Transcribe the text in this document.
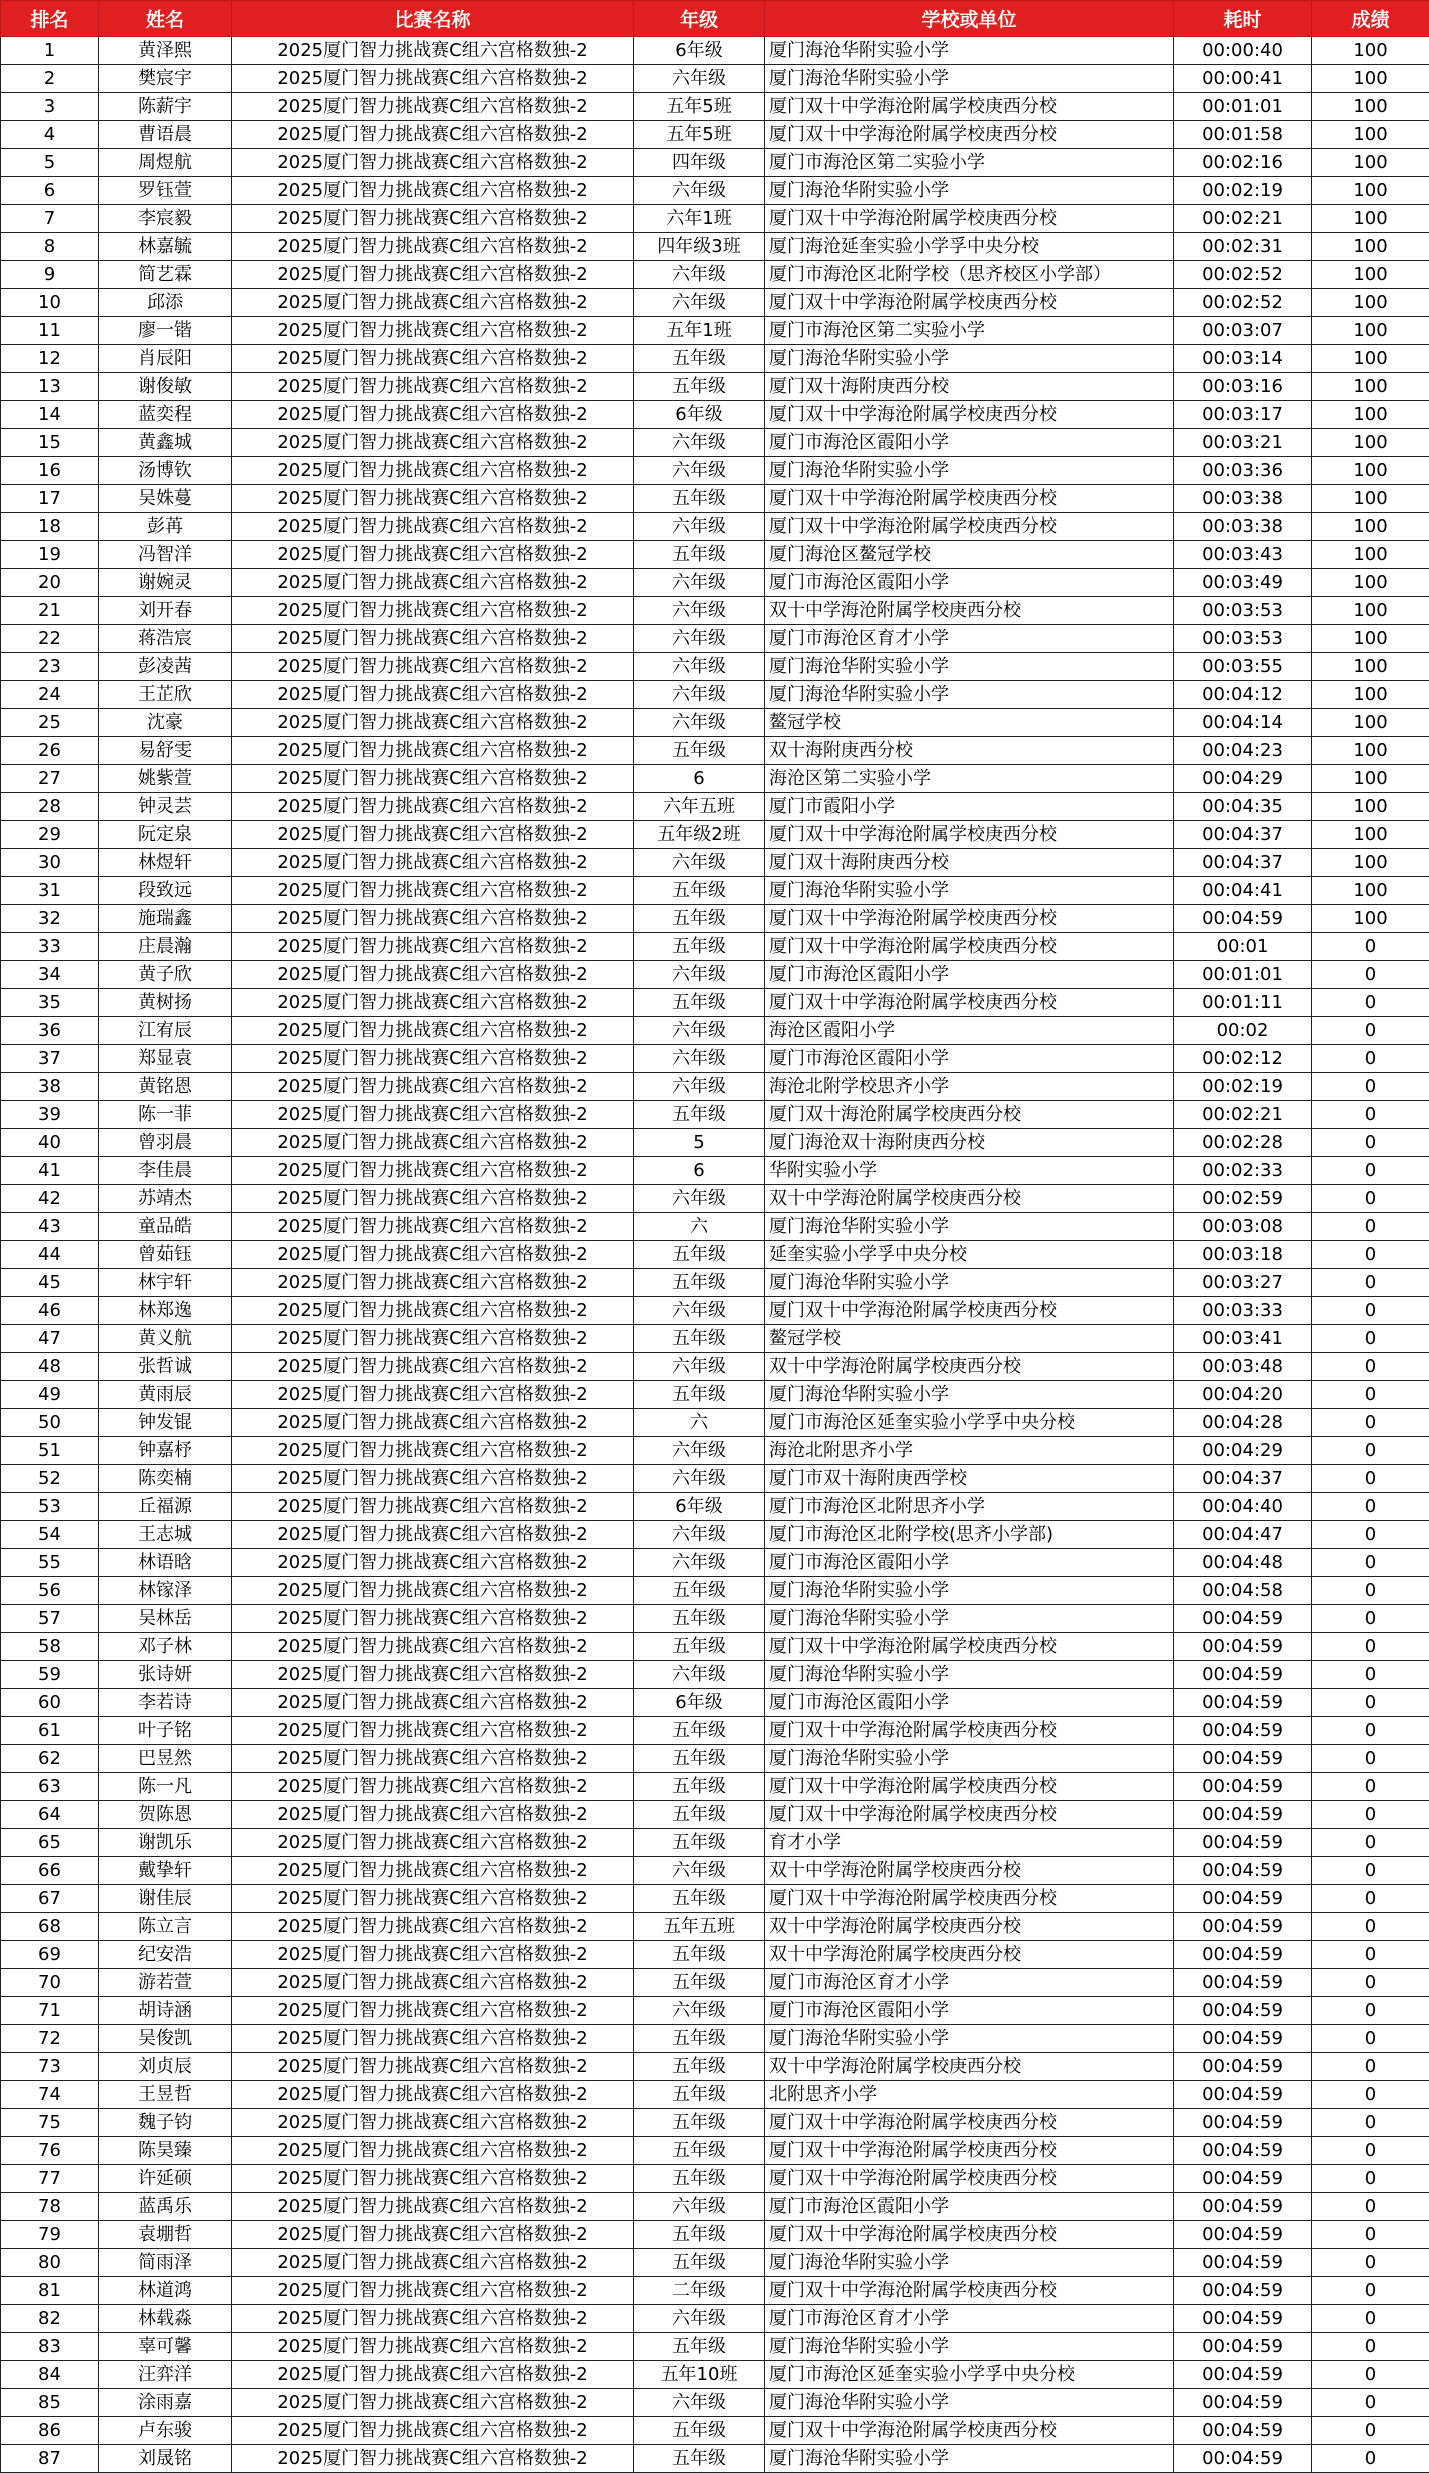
排名	姓名	比赛名称	年级	学校或单位	耗时	成绩
1	黄泽熙	2025厦门智力挑战赛C组六宫格数独-2	6年级	厦门海沧华附实验小学	00:00:40	100
2	樊宸宇	2025厦门智力挑战赛C组六宫格数独-2	六年级	厦门海沧华附实验小学	00:00:41	100
3	陈薪宇	2025厦门智力挑战赛C组六宫格数独-2	五年5班	厦门双十中学海沧附属学校庚西分校	00:01:01	100
4	曹语晨	2025厦门智力挑战赛C组六宫格数独-2	五年5班	厦门双十中学海沧附属学校庚西分校	00:01:58	100
5	周煜航	2025厦门智力挑战赛C组六宫格数独-2	四年级	厦门市海沧区第二实验小学	00:02:16	100
6	罗钰萱	2025厦门智力挑战赛C组六宫格数独-2	六年级	厦门海沧华附实验小学	00:02:19	100
7	李宸毅	2025厦门智力挑战赛C组六宫格数独-2	六年1班	厦门双十中学海沧附属学校庚西分校	00:02:21	100
8	林嘉毓	2025厦门智力挑战赛C组六宫格数独-2	四年级3班	厦门海沧延奎实验小学孚中央分校	00:02:31	100
9	简艺霖	2025厦门智力挑战赛C组六宫格数独-2	六年级	厦门市海沧区北附学校（思齐校区小学部）	00:02:52	100
10	邱添	2025厦门智力挑战赛C组六宫格数独-2	六年级	厦门双十中学海沧附属学校庚西分校	00:02:52	100
11	廖一锴	2025厦门智力挑战赛C组六宫格数独-2	五年1班	厦门市海沧区第二实验小学	00:03:07	100
12	肖辰阳	2025厦门智力挑战赛C组六宫格数独-2	五年级	厦门海沧华附实验小学	00:03:14	100
13	谢俊敏	2025厦门智力挑战赛C组六宫格数独-2	五年级	厦门双十海附庚西分校	00:03:16	100
14	蓝奕程	2025厦门智力挑战赛C组六宫格数独-2	6年级	厦门双十中学海沧附属学校庚西分校	00:03:17	100
15	黄鑫城	2025厦门智力挑战赛C组六宫格数独-2	六年级	厦门市海沧区霞阳小学	00:03:21	100
16	汤博钦	2025厦门智力挑战赛C组六宫格数独-2	六年级	厦门海沧华附实验小学	00:03:36	100
17	吴姝蔓	2025厦门智力挑战赛C组六宫格数独-2	五年级	厦门双十中学海沧附属学校庚西分校	00:03:38	100
18	彭苒	2025厦门智力挑战赛C组六宫格数独-2	六年级	厦门双十中学海沧附属学校庚西分校	00:03:38	100
19	冯智洋	2025厦门智力挑战赛C组六宫格数独-2	五年级	厦门海沧区鳌冠学校	00:03:43	100
20	谢婉灵	2025厦门智力挑战赛C组六宫格数独-2	六年级	厦门市海沧区霞阳小学	00:03:49	100
21	刘开春	2025厦门智力挑战赛C组六宫格数独-2	六年级	双十中学海沧附属学校庚西分校	00:03:53	100
22	蒋浩宸	2025厦门智力挑战赛C组六宫格数独-2	六年级	厦门市海沧区育才小学	00:03:53	100
23	彭凌茜	2025厦门智力挑战赛C组六宫格数独-2	六年级	厦门海沧华附实验小学	00:03:55	100
24	王芷欣	2025厦门智力挑战赛C组六宫格数独-2	六年级	厦门海沧华附实验小学	00:04:12	100
25	沈豪	2025厦门智力挑战赛C组六宫格数独-2	六年级	鳌冠学校	00:04:14	100
26	易舒雯	2025厦门智力挑战赛C组六宫格数独-2	五年级	双十海附庚西分校	00:04:23	100
27	姚紫萱	2025厦门智力挑战赛C组六宫格数独-2	6	海沧区第二实验小学	00:04:29	100
28	钟灵芸	2025厦门智力挑战赛C组六宫格数独-2	六年五班	厦门市霞阳小学	00:04:35	100
29	阮定泉	2025厦门智力挑战赛C组六宫格数独-2	五年级2班	厦门双十中学海沧附属学校庚西分校	00:04:37	100
30	林煜轩	2025厦门智力挑战赛C组六宫格数独-2	六年级	厦门双十海附庚西分校	00:04:37	100
31	段致远	2025厦门智力挑战赛C组六宫格数独-2	五年级	厦门海沧华附实验小学	00:04:41	100
32	施瑞鑫	2025厦门智力挑战赛C组六宫格数独-2	五年级	厦门双十中学海沧附属学校庚西分校	00:04:59	100
33	庄晨瀚	2025厦门智力挑战赛C组六宫格数独-2	五年级	厦门双十中学海沧附属学校庚西分校	00:01	0
34	黄子欣	2025厦门智力挑战赛C组六宫格数独-2	六年级	厦门市海沧区霞阳小学	00:01:01	0
35	黄树扬	2025厦门智力挑战赛C组六宫格数独-2	五年级	厦门双十中学海沧附属学校庚西分校	00:01:11	0
36	江宥辰	2025厦门智力挑战赛C组六宫格数独-2	六年级	海沧区霞阳小学	00:02	0
37	郑显袁	2025厦门智力挑战赛C组六宫格数独-2	六年级	厦门市海沧区霞阳小学	00:02:12	0
38	黄铭恩	2025厦门智力挑战赛C组六宫格数独-2	六年级	海沧北附学校思齐小学	00:02:19	0
39	陈一菲	2025厦门智力挑战赛C组六宫格数独-2	五年级	厦门双十海沧附属学校庚西分校	00:02:21	0
40	曾羽晨	2025厦门智力挑战赛C组六宫格数独-2	5	厦门海沧双十海附庚西分校	00:02:28	0
41	李佳晨	2025厦门智力挑战赛C组六宫格数独-2	6	华附实验小学	00:02:33	0
42	苏靖杰	2025厦门智力挑战赛C组六宫格数独-2	六年级	双十中学海沧附属学校庚西分校	00:02:59	0
43	童品皓	2025厦门智力挑战赛C组六宫格数独-2	六	厦门海沧华附实验小学	00:03:08	0
44	曾茹钰	2025厦门智力挑战赛C组六宫格数独-2	五年级	延奎实验小学孚中央分校	00:03:18	0
45	林宇轩	2025厦门智力挑战赛C组六宫格数独-2	五年级	厦门海沧华附实验小学	00:03:27	0
46	林郑逸	2025厦门智力挑战赛C组六宫格数独-2	六年级	厦门双十中学海沧附属学校庚西分校	00:03:33	0
47	黄义航	2025厦门智力挑战赛C组六宫格数独-2	五年级	鳌冠学校	00:03:41	0
48	张哲诚	2025厦门智力挑战赛C组六宫格数独-2	六年级	双十中学海沧附属学校庚西分校	00:03:48	0
49	黄雨辰	2025厦门智力挑战赛C组六宫格数独-2	五年级	厦门海沧华附实验小学	00:04:20	0
50	钟发锟	2025厦门智力挑战赛C组六宫格数独-2	六	厦门市海沧区延奎实验小学孚中央分校	00:04:28	0
51	钟嘉杼	2025厦门智力挑战赛C组六宫格数独-2	六年级	海沧北附思齐小学	00:04:29	0
52	陈奕楠	2025厦门智力挑战赛C组六宫格数独-2	六年级	厦门市双十海附庚西学校	00:04:37	0
53	丘福源	2025厦门智力挑战赛C组六宫格数独-2	6年级	厦门市海沧区北附思齐小学	00:04:40	0
54	王志城	2025厦门智力挑战赛C组六宫格数独-2	六年级	厦门市海沧区北附学校(思齐小学部)	00:04:47	0
55	林语晗	2025厦门智力挑战赛C组六宫格数独-2	六年级	厦门市海沧区霞阳小学	00:04:48	0
56	林镓泽	2025厦门智力挑战赛C组六宫格数独-2	五年级	厦门海沧华附实验小学	00:04:58	0
57	吴林岳	2025厦门智力挑战赛C组六宫格数独-2	五年级	厦门海沧华附实验小学	00:04:59	0
58	邓子林	2025厦门智力挑战赛C组六宫格数独-2	五年级	厦门双十中学海沧附属学校庚西分校	00:04:59	0
59	张诗妍	2025厦门智力挑战赛C组六宫格数独-2	六年级	厦门海沧华附实验小学	00:04:59	0
60	李若诗	2025厦门智力挑战赛C组六宫格数独-2	6年级	厦门市海沧区霞阳小学	00:04:59	0
61	叶子铭	2025厦门智力挑战赛C组六宫格数独-2	五年级	厦门双十中学海沧附属学校庚西分校	00:04:59	0
62	巴昱然	2025厦门智力挑战赛C组六宫格数独-2	五年级	厦门海沧华附实验小学	00:04:59	0
63	陈一凡	2025厦门智力挑战赛C组六宫格数独-2	五年级	厦门双十中学海沧附属学校庚西分校	00:04:59	0
64	贺陈恩	2025厦门智力挑战赛C组六宫格数独-2	五年级	厦门双十中学海沧附属学校庚西分校	00:04:59	0
65	谢凯乐	2025厦门智力挑战赛C组六宫格数独-2	五年级	育才小学	00:04:59	0
66	戴挚轩	2025厦门智力挑战赛C组六宫格数独-2	六年级	双十中学海沧附属学校庚西分校	00:04:59	0
67	谢佳辰	2025厦门智力挑战赛C组六宫格数独-2	五年级	厦门双十中学海沧附属学校庚西分校	00:04:59	0
68	陈立言	2025厦门智力挑战赛C组六宫格数独-2	五年五班	双十中学海沧附属学校庚西分校	00:04:59	0
69	纪安浩	2025厦门智力挑战赛C组六宫格数独-2	五年级	双十中学海沧附属学校庚西分校	00:04:59	0
70	游若萱	2025厦门智力挑战赛C组六宫格数独-2	五年级	厦门市海沧区育才小学	00:04:59	0
71	胡诗涵	2025厦门智力挑战赛C组六宫格数独-2	六年级	厦门市海沧区霞阳小学	00:04:59	0
72	吴俊凯	2025厦门智力挑战赛C组六宫格数独-2	五年级	厦门海沧华附实验小学	00:04:59	0
73	刘贞辰	2025厦门智力挑战赛C组六宫格数独-2	五年级	双十中学海沧附属学校庚西分校	00:04:59	0
74	王昱哲	2025厦门智力挑战赛C组六宫格数独-2	五年级	北附思齐小学	00:04:59	0
75	魏子钧	2025厦门智力挑战赛C组六宫格数独-2	五年级	厦门双十中学海沧附属学校庚西分校	00:04:59	0
76	陈昊臻	2025厦门智力挑战赛C组六宫格数独-2	五年级	厦门双十中学海沧附属学校庚西分校	00:04:59	0
77	许延硕	2025厦门智力挑战赛C组六宫格数独-2	五年级	厦门双十中学海沧附属学校庚西分校	00:04:59	0
78	蓝禹乐	2025厦门智力挑战赛C组六宫格数独-2	六年级	厦门市海沧区霞阳小学	00:04:59	0
79	袁堋哲	2025厦门智力挑战赛C组六宫格数独-2	五年级	厦门双十中学海沧附属学校庚西分校	00:04:59	0
80	简雨泽	2025厦门智力挑战赛C组六宫格数独-2	五年级	厦门海沧华附实验小学	00:04:59	0
81	林道鸿	2025厦门智力挑战赛C组六宫格数独-2	二年级	厦门双十中学海沧附属学校庚西分校	00:04:59	0
82	林载淼	2025厦门智力挑战赛C组六宫格数独-2	六年级	厦门市海沧区育才小学	00:04:59	0
83	辜可馨	2025厦门智力挑战赛C组六宫格数独-2	五年级	厦门海沧华附实验小学	00:04:59	0
84	汪弈洋	2025厦门智力挑战赛C组六宫格数独-2	五年10班	厦门市海沧区延奎实验小学孚中央分校	00:04:59	0
85	涂雨嘉	2025厦门智力挑战赛C组六宫格数独-2	六年级	厦门海沧华附实验小学	00:04:59	0
86	卢东骏	2025厦门智力挑战赛C组六宫格数独-2	五年级	厦门双十中学海沧附属学校庚西分校	00:04:59	0
87	刘晟铭	2025厦门智力挑战赛C组六宫格数独-2	五年级	厦门海沧华附实验小学	00:04:59	0
